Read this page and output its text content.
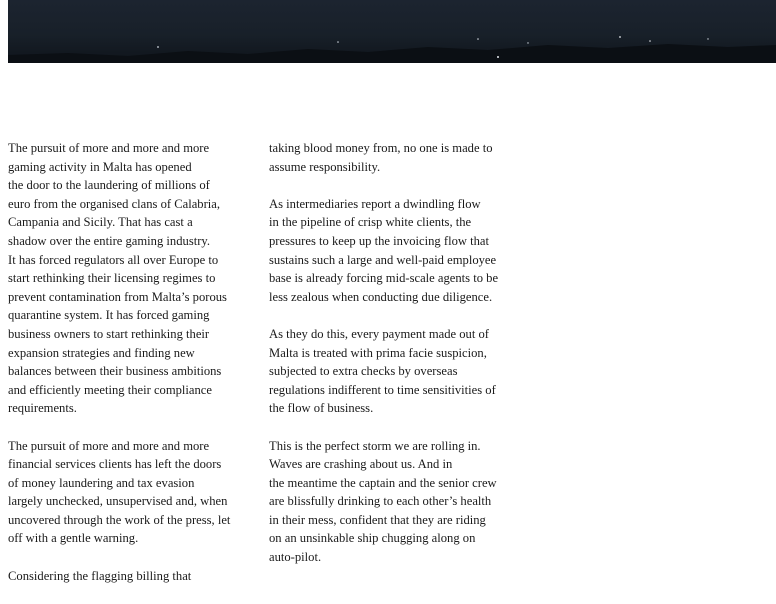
The pursuit of more and more and more
gaming activity in Malta has opened
the door to the laundering of millions of
euro from the organised clans of Calabria,
Campania and Sicily. That has cast a
shadow over the entire gaming industry.
It has forced regulators all over Europe to
start rethinking their licensing regimes to
prevent contamination from Malta’s porous
quarantine system. It has forced gaming
business owners to start rethinking their
expansion strategies and finding new
balances between their business ambitions
and efficiently meeting their compliance
requirements.

The pursuit of more and more and more
financial services clients has left the doors
of money laundering and tax evasion
largely unchecked, unsupervised and, when
uncovered through the work of the press, let
off with a gentle warning.

Considering the flagging billing that

taking blood money from, no one is made to
assume responsibility.

As intermediaries report a dwindling flow
in the pipeline of crisp white clients, the
pressures to keep up the invoicing flow that
sustains such a large and well-paid employee
base is already forcing mid-scale agents to be
less zealous when conducting due diligence.

As they do this, every payment made out of
Malta is treated with prima facie suspicion,
subjected to extra checks by overseas
regulations indifferent to time sensitivities of
the flow of business.

This is the perfect storm we are rolling in.
Waves are crashing about us. And in
the meantime the captain and the senior crew
are blissfully drinking to each other’s health
in their mess, confident that they are riding
on an unsinkable ship chugging along on
auto-pilot.
